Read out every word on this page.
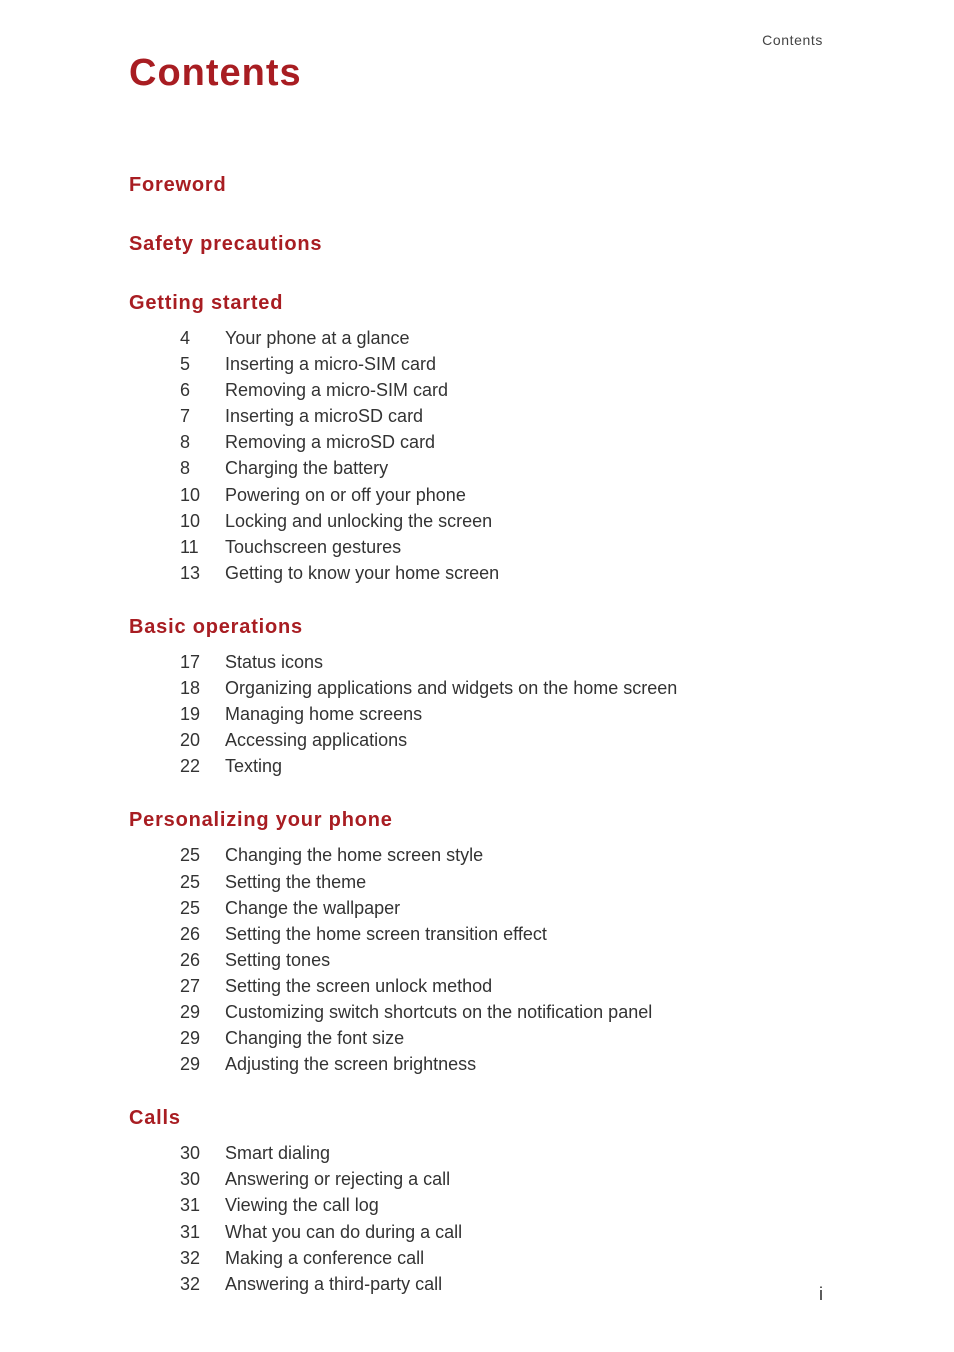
Contents
Contents
Foreword
Safety precautions
Getting started
4	Your phone at a glance
5	Inserting a micro-SIM card
6	Removing a micro-SIM card
7	Inserting a microSD card
8	Removing a microSD card
8	Charging the battery
10	Powering on or off your phone
10	Locking and unlocking the screen
11	Touchscreen gestures
13	Getting to know your home screen
Basic operations
17	Status icons
18	Organizing applications and widgets on the home screen
19	Managing home screens
20	Accessing applications
22	Texting
Personalizing your phone
25	Changing the home screen style
25	Setting the theme
25	Change the wallpaper
26	Setting the home screen transition effect
26	Setting tones
27	Setting the screen unlock method
29	Customizing switch shortcuts on the notification panel
29	Changing the font size
29	Adjusting the screen brightness
Calls
30	Smart dialing
30	Answering or rejecting a call
31	Viewing the call log
31	What you can do during a call
32	Making a conference call
32	Answering a third-party call
i
